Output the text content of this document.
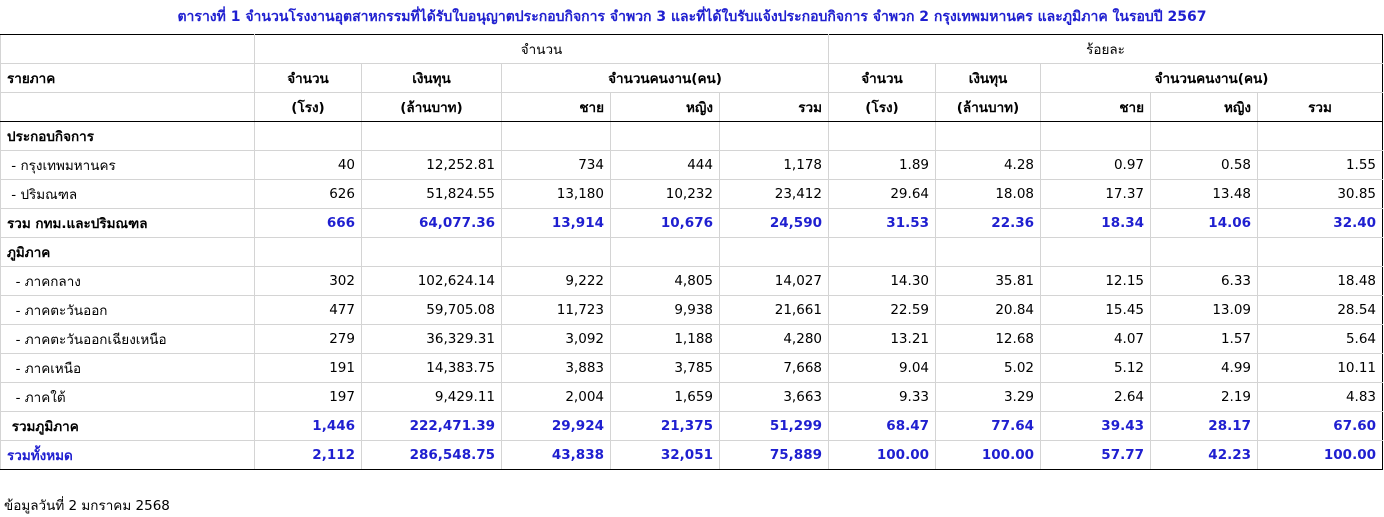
ตารางที่ 1 จำนวนโรงงานอุตสาหกรรมที่ได้รับใบอนุญาตประกอบกิจการ จำพวก 3 และที่ได้ใบรับแจ้งประกอบกิจการ จำพวก 2 กรุงเทพมหานคร และภูมิภาค ในรอบปี 2567
	จำนวน					ร้อยละ				
รายภาค	จำนวน	เงินทุน	จำนวนคนงาน(คน)			จำนวน	เงินทุน	จำนวนคนงาน(คน)		
	(โรง)	(ล้านบาท)	ชาย	หญิง	รวม	(โรง)	(ล้านบาท)	ชาย	หญิง	รวม
ประกอบกิจการ										
- กรุงเทพมหานคร	40	12,252.81	734	444	1,178	1.89	4.28	0.97	0.58	1.55
- ปริมณฑล	626	51,824.55	13,180	10,232	23,412	29.64	18.08	17.37	13.48	30.85
รวม กทม.และปริมณฑล	666	64,077.36	13,914	10,676	24,590	31.53	22.36	18.34	14.06	32.40
ภูมิภาค										
- ภาคกลาง	302	102,624.14	9,222	4,805	14,027	14.30	35.81	12.15	6.33	18.48
- ภาคตะวันออก	477	59,705.08	11,723	9,938	21,661	22.59	20.84	15.45	13.09	28.54
- ภาคตะวันออกเฉียงเหนือ	279	36,329.31	3,092	1,188	4,280	13.21	12.68	4.07	1.57	5.64
- ภาคเหนือ	191	14,383.75	3,883	3,785	7,668	9.04	5.02	5.12	4.99	10.11
- ภาคใต้	197	9,429.11	2,004	1,659	3,663	9.33	3.29	2.64	2.19	4.83
รวมภูมิภาค	1,446	222,471.39	29,924	21,375	51,299	68.47	77.64	39.43	28.17	67.60
รวมทั้งหมด	2,112	286,548.75	43,838	32,051	75,889	100.00	100.00	57.77	42.23	100.00
ข้อมูลวันที่ 2 มกราคม 2568
